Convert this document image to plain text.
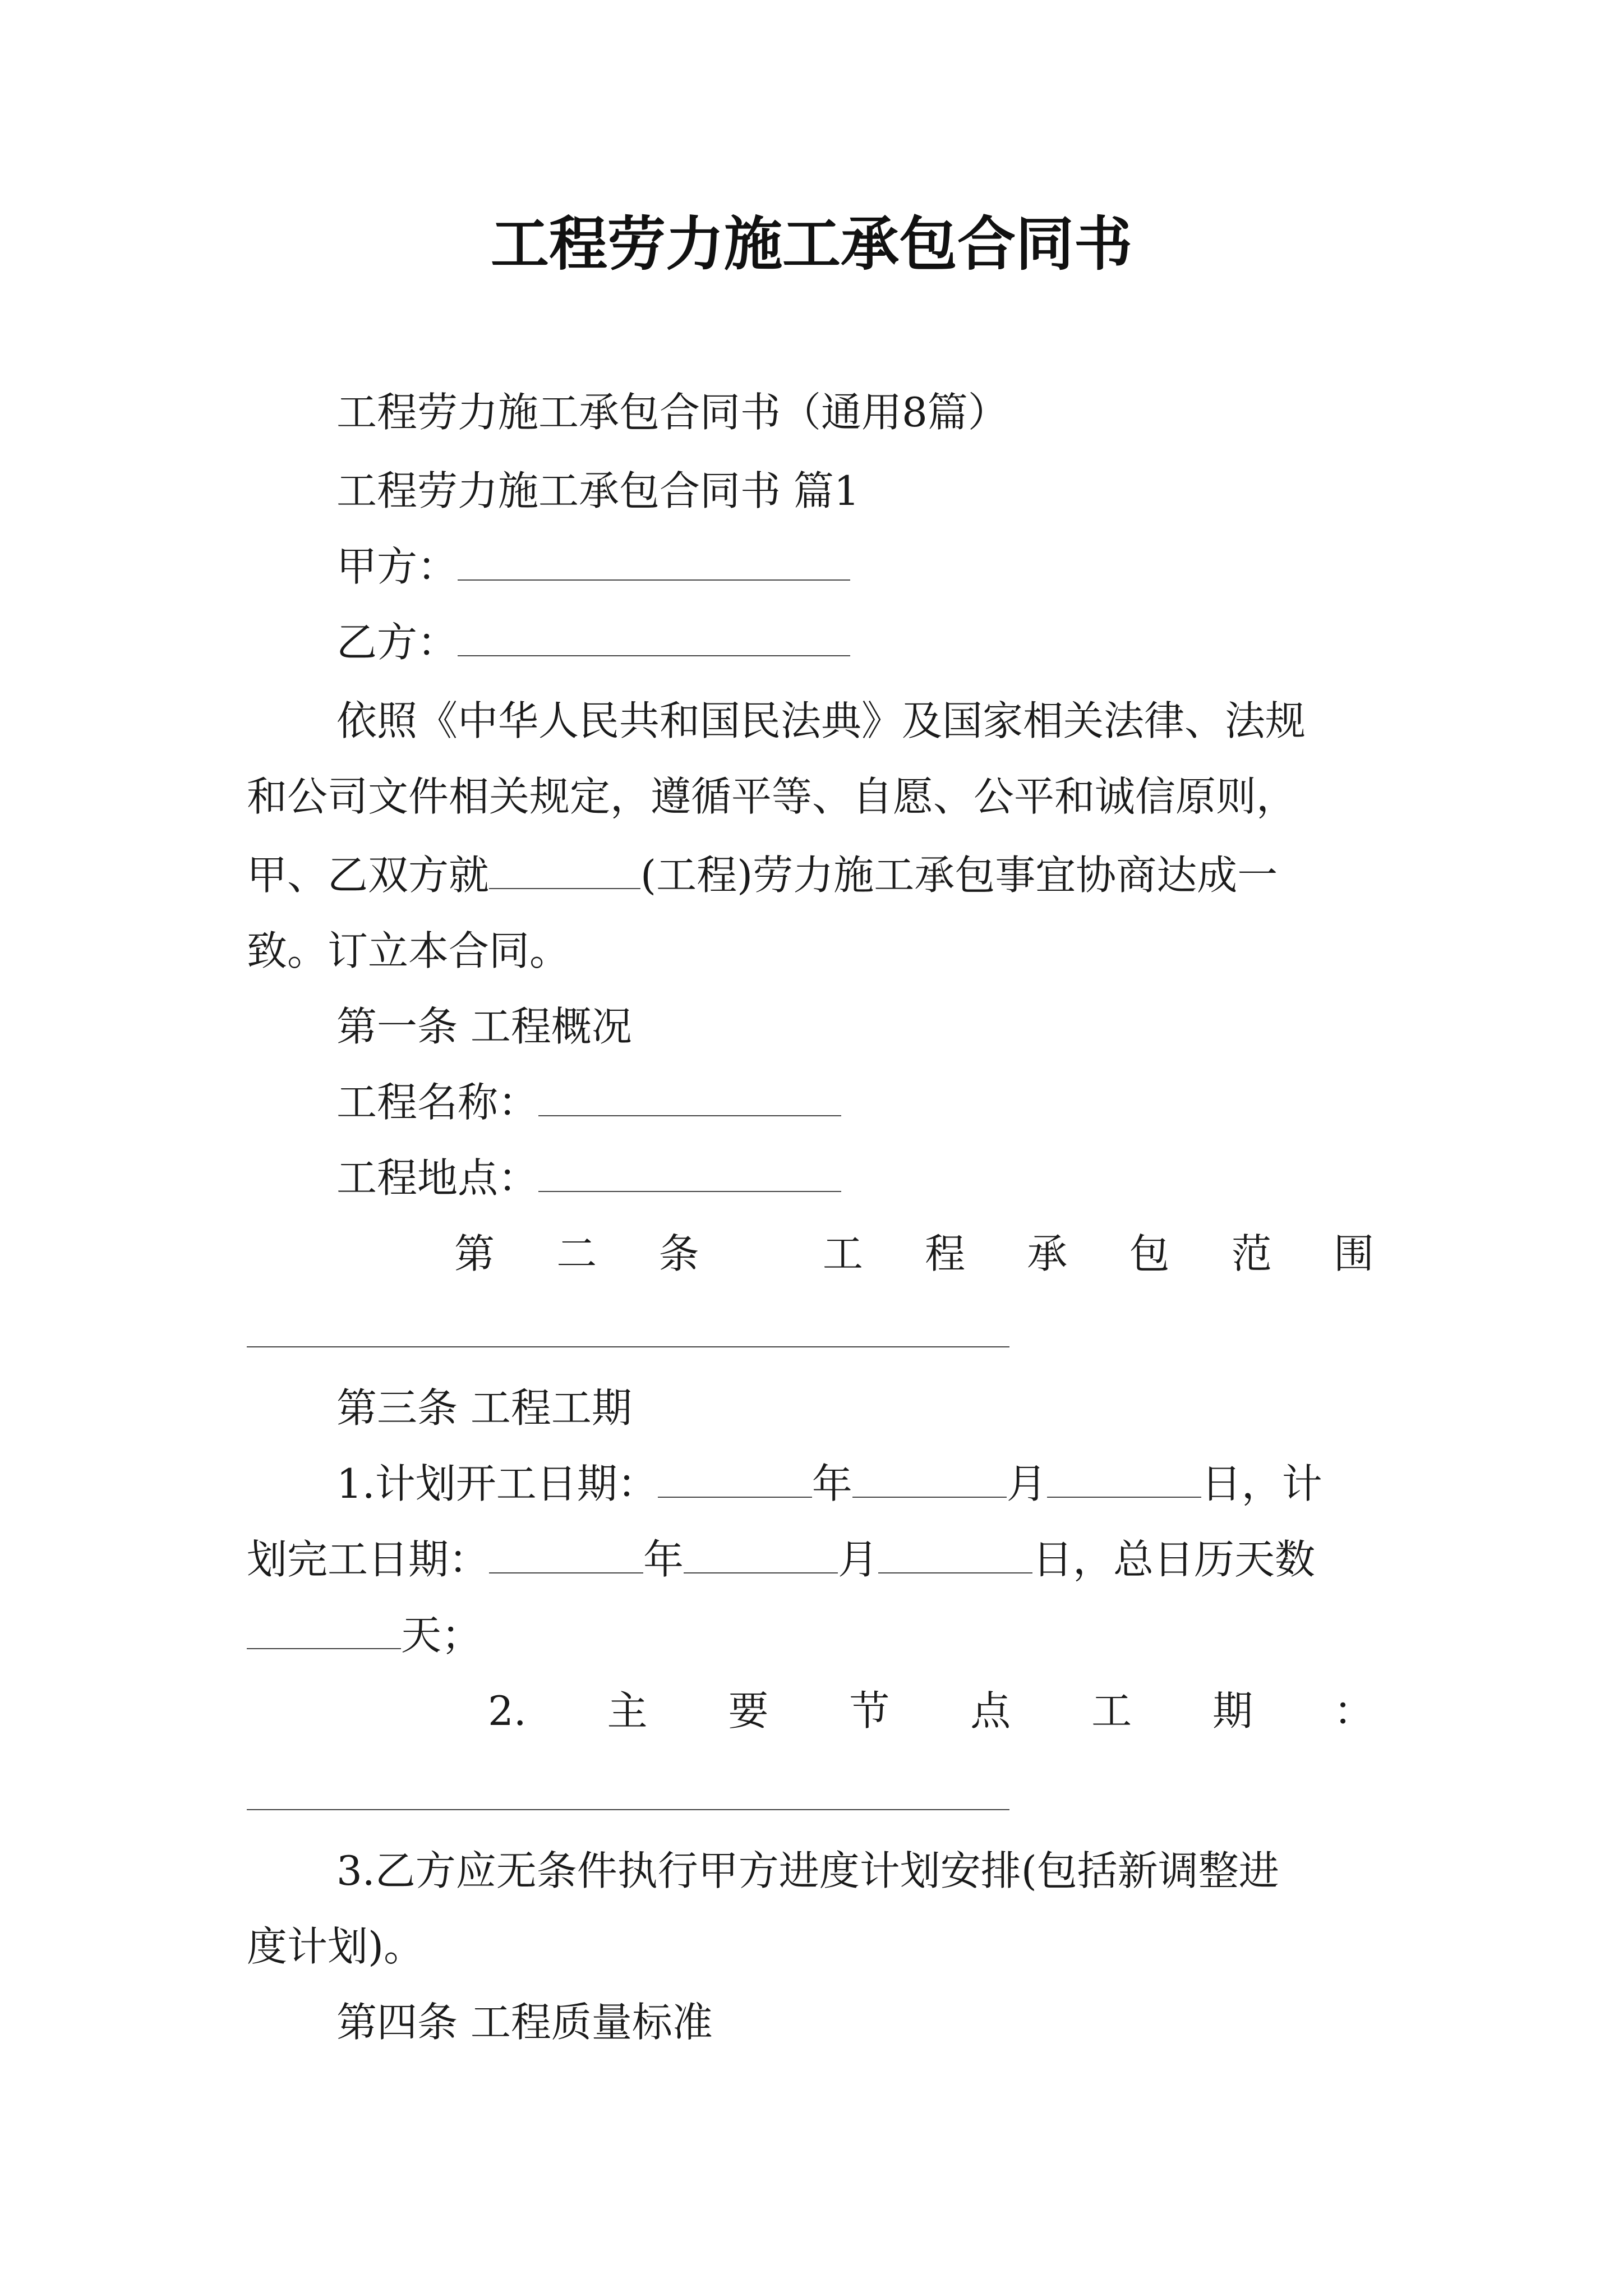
工程劳力施工承包合同书
工程劳力施工承包合同书（通用8篇）
工程劳力施工承包合同书 篇1
甲方：
乙方：
依照《中华人民共和国民法典》及国家相关法律、法规
和公司文件相关规定，遵循平等、自愿、公平和诚信原则，
甲、乙双方就	(工程)劳力施工承包事宜协商达成一
致。订立本合同。
第一条 工程概况
工程名称：
工程地点：
第 二 条	工 程 承 包 范 围
第三条 工程工期
1.计划开工日期：	年	月	日，计
划完工日期：	年	月	日，总日历天数
天；
2. 主 要 节 点 工 期 ：
3.乙方应无条件执行甲方进度计划安排(包括新调整进
度计划)。
第四条 工程质量标准
